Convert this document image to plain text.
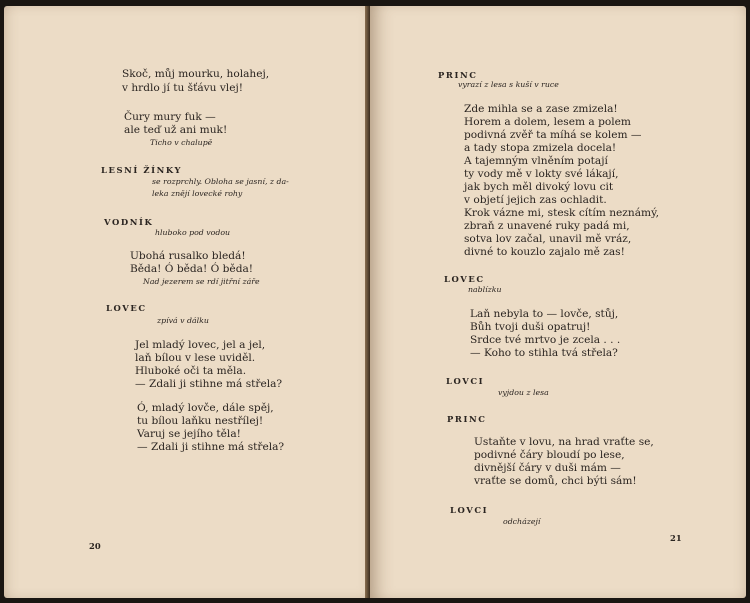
Skoč, můj mourku, holahej,
v hrdlo jí tu šťávu vlej!
Čury mury fuk —
ale teď už ani muk!
Ticho v chalupě
LESNÍ ŽÍNKY
se rozprchly. Obloha se jasní, z da-
leka znějí lovecké rohy
VODNÍK
hluboko pod vodou
Ubohá rusalko bledá!
Běda! Ó běda! Ó běda!
Nad jezerem se rdí jitřní záře
LOVEC
zpívá v dálku
Jel mladý lovec, jel a jel,
laň bílou v lese uviděl.
Hluboké oči ta měla.
— Zdali ji stihne má střela?
Ó, mladý lovče, dále spěj,
tu bílou laňku nestřílej!
Varuj se jejího těla!
— Zdali ji stihne má střela?
20
PRINC
vyrazí z lesa s kuší v ruce
Zde mihla se a zase zmizela!
Horem a dolem, lesem a polem
podivná zvěř ta míhá se kolem —
a tady stopa zmizela docela!
A tajemným vlněním potají
ty vody mě v lokty své lákají,
jak bych měl divoký lovu cit
v objetí jejich zas ochladit.
Krok vázne mi, stesk cítím neznámý,
zbraň z unavené ruky padá mi,
sotva lov začal, unavil mě vráz,
divné to kouzlo zajalo mě zas!
LOVEC
nablízku
Laň nebyla to — lovče, stůj,
Bůh tvoji duši opatruj!
Srdce tvé mrtvo je zcela . . .
— Koho to stihla tvá střela?
LOVCI
vyjdou z lesa
PRINC
Ustaňte v lovu, na hrad vraťte se,
podivné čáry bloudí po lese,
divnější čáry v duši mám —
vraťte se domů, chci býti sám!
LOVCI
odcházejí
21
